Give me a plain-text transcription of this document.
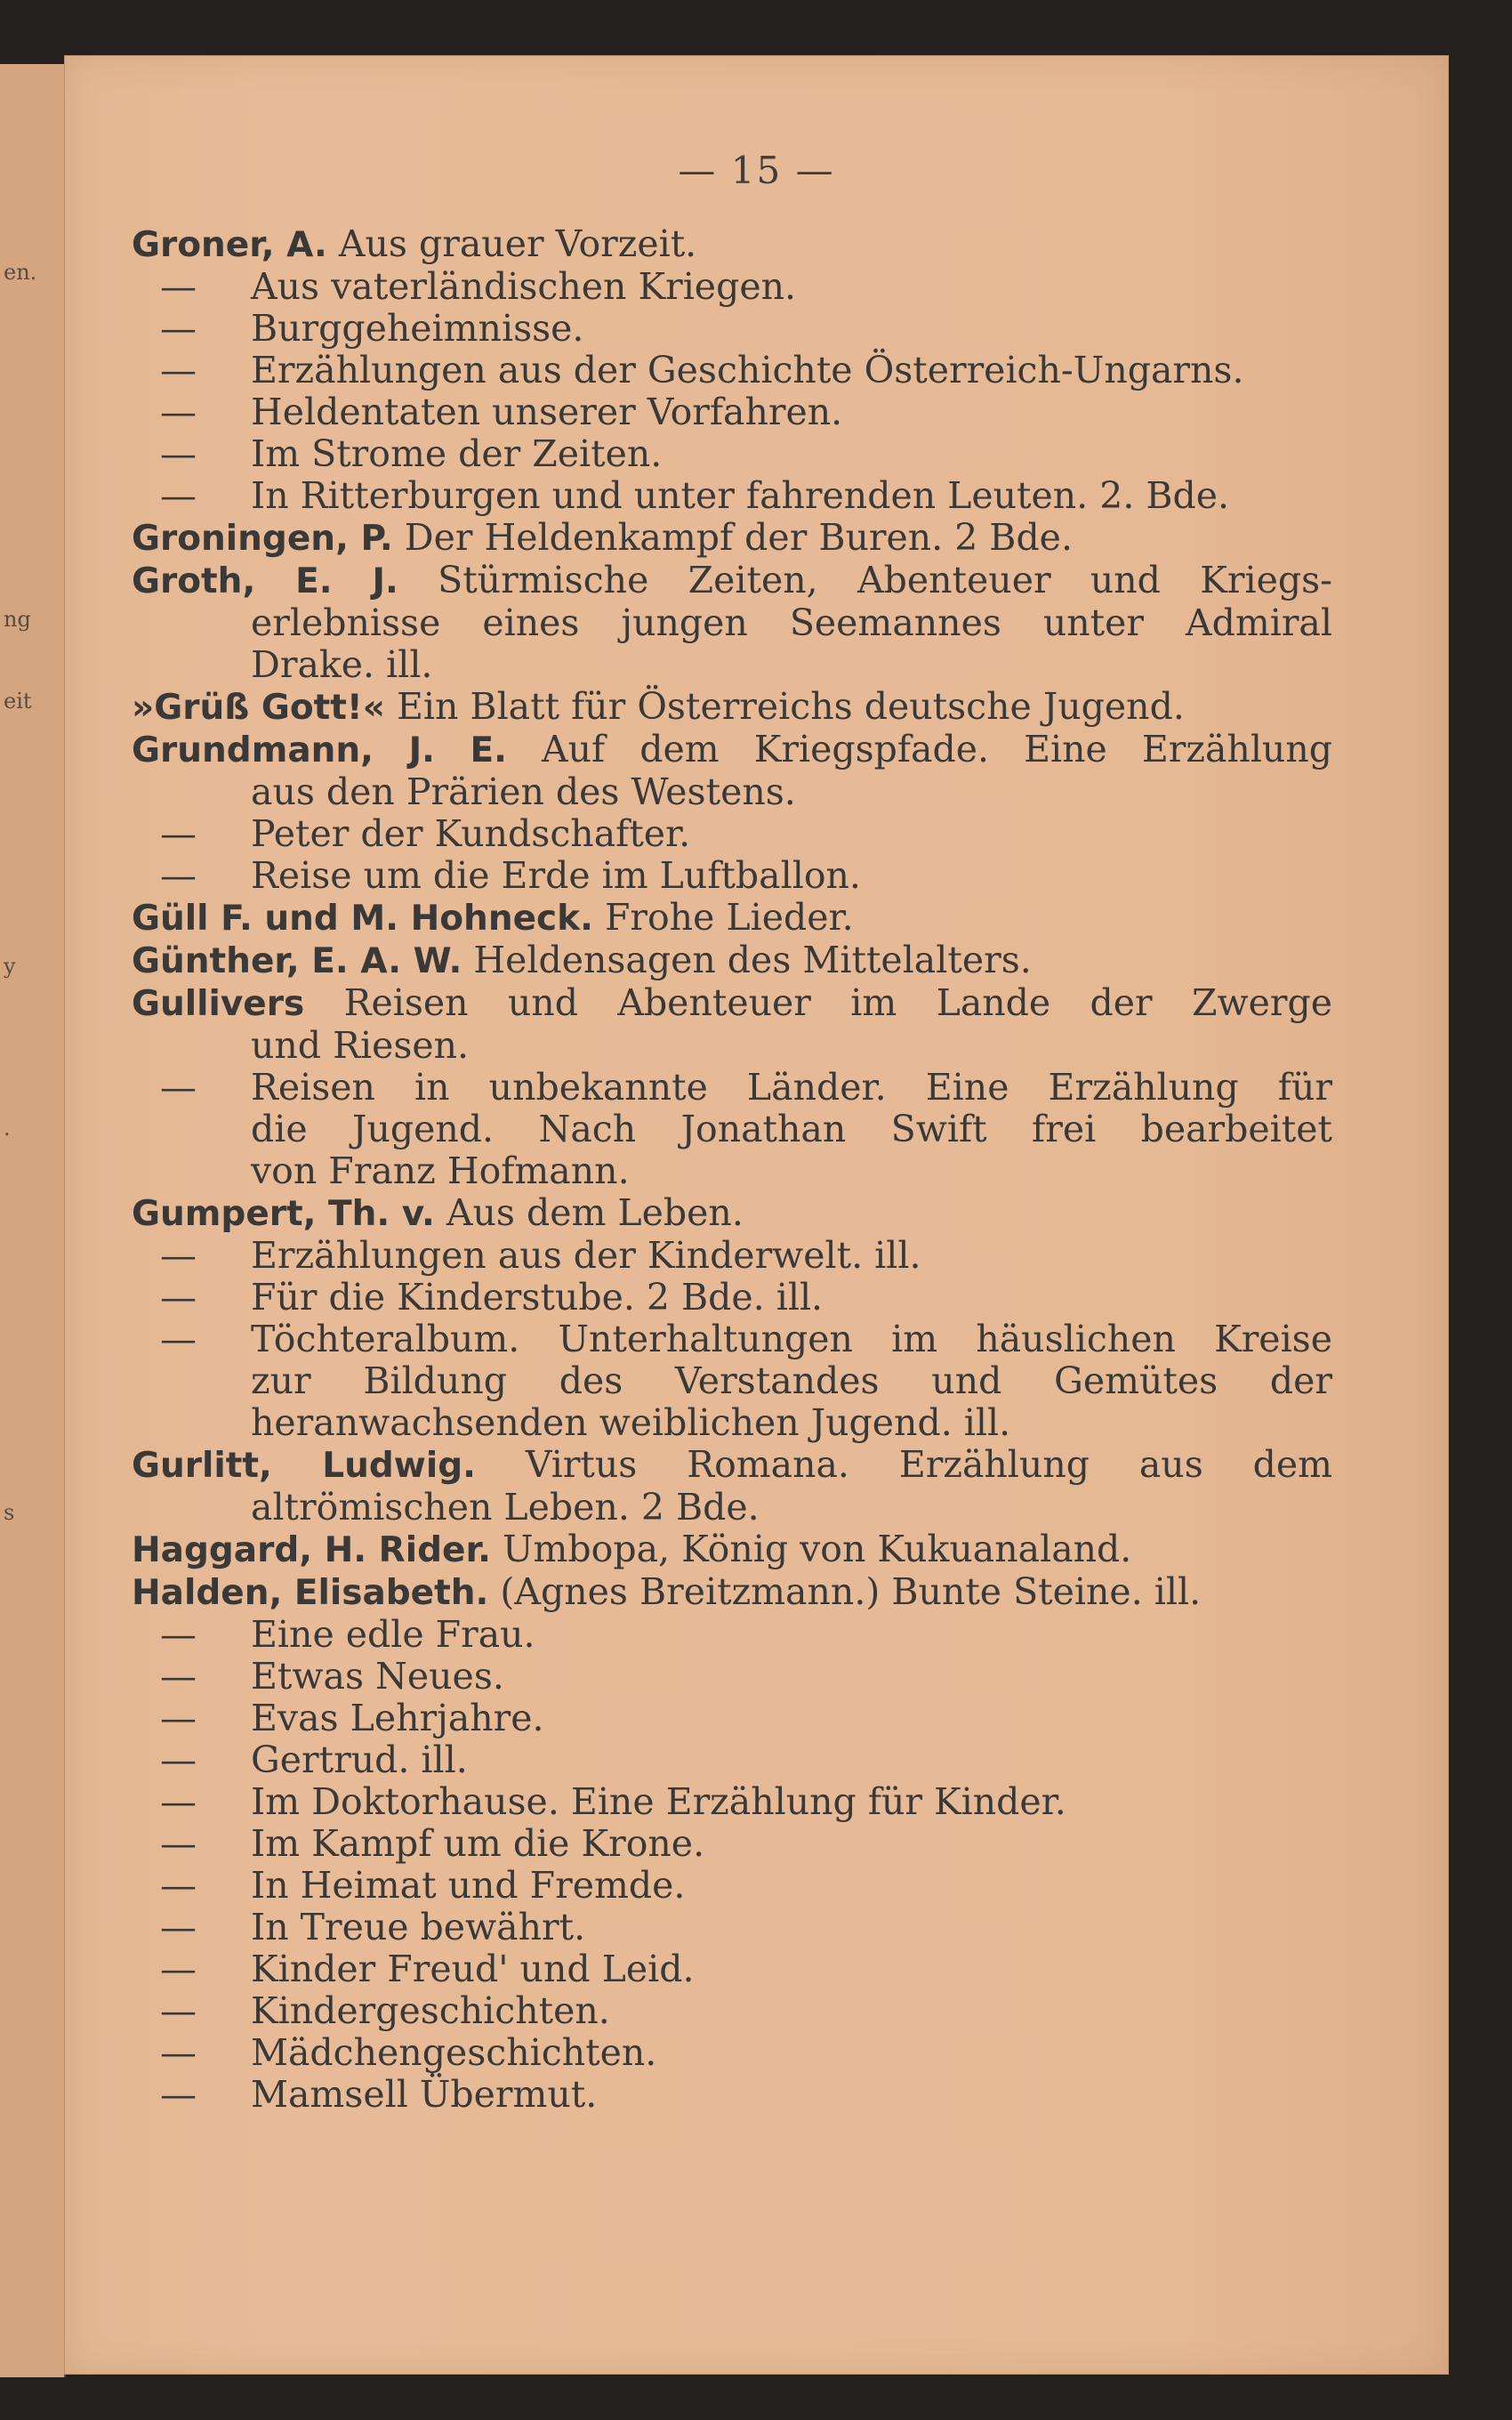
en.
ng
eit
y
.
s
— 15 —
Groner, A. Aus grauer Vorzeit.
— Aus vaterländischen Kriegen.
— Burggeheimnisse.
— Erzählungen aus der Geschichte Österreich-Ungarns.
— Heldentaten unserer Vorfahren.
— Im Strome der Zeiten.
— In Ritterburgen und unter fahrenden Leuten. 2. Bde.
Groningen, P. Der Heldenkampf der Buren. 2 Bde.
Groth, E. J. Stürmische Zeiten, Abenteuer und Kriegs-
erlebnisse eines jungen Seemannes unter Admiral
Drake. ill.
»Grüß Gott!« Ein Blatt für Österreichs deutsche Jugend.
Grundmann, J. E. Auf dem Kriegspfade. Eine Erzählung
aus den Prärien des Westens.
— Peter der Kundschafter.
— Reise um die Erde im Luftballon.
Güll F. und M. Hohneck. Frohe Lieder.
Günther, E. A. W. Heldensagen des Mittelalters.
Gullivers Reisen und Abenteuer im Lande der Zwerge
und Riesen.
—	Reisen in unbekannte Länder. Eine Erzählung für
die Jugend. Nach Jonathan Swift frei bearbeitet
von Franz Hofmann.
Gumpert, Th. v. Aus dem Leben.
— Erzählungen aus der Kinderwelt. ill.
— Für die Kinderstube. 2 Bde. ill.
—	Töchteralbum. Unterhaltungen im häuslichen Kreise
zur Bildung des Verstandes und Gemütes der
heranwachsenden weiblichen Jugend. ill.
Gurlitt, Ludwig. Virtus Romana. Erzählung aus dem
altrömischen Leben. 2 Bde.
Haggard, H. Rider. Umbopa, König von Kukuanaland.
Halden, Elisabeth. (Agnes Breitzmann.) Bunte Steine. ill.
— Eine edle Frau.
— Etwas Neues.
— Evas Lehrjahre.
— Gertrud. ill.
— Im Doktorhause. Eine Erzählung für Kinder.
— Im Kampf um die Krone.
— In Heimat und Fremde.
— In Treue bewährt.
— Kinder Freud' und Leid.
— Kindergeschichten.
— Mädchengeschichten.
— Mamsell Übermut.
